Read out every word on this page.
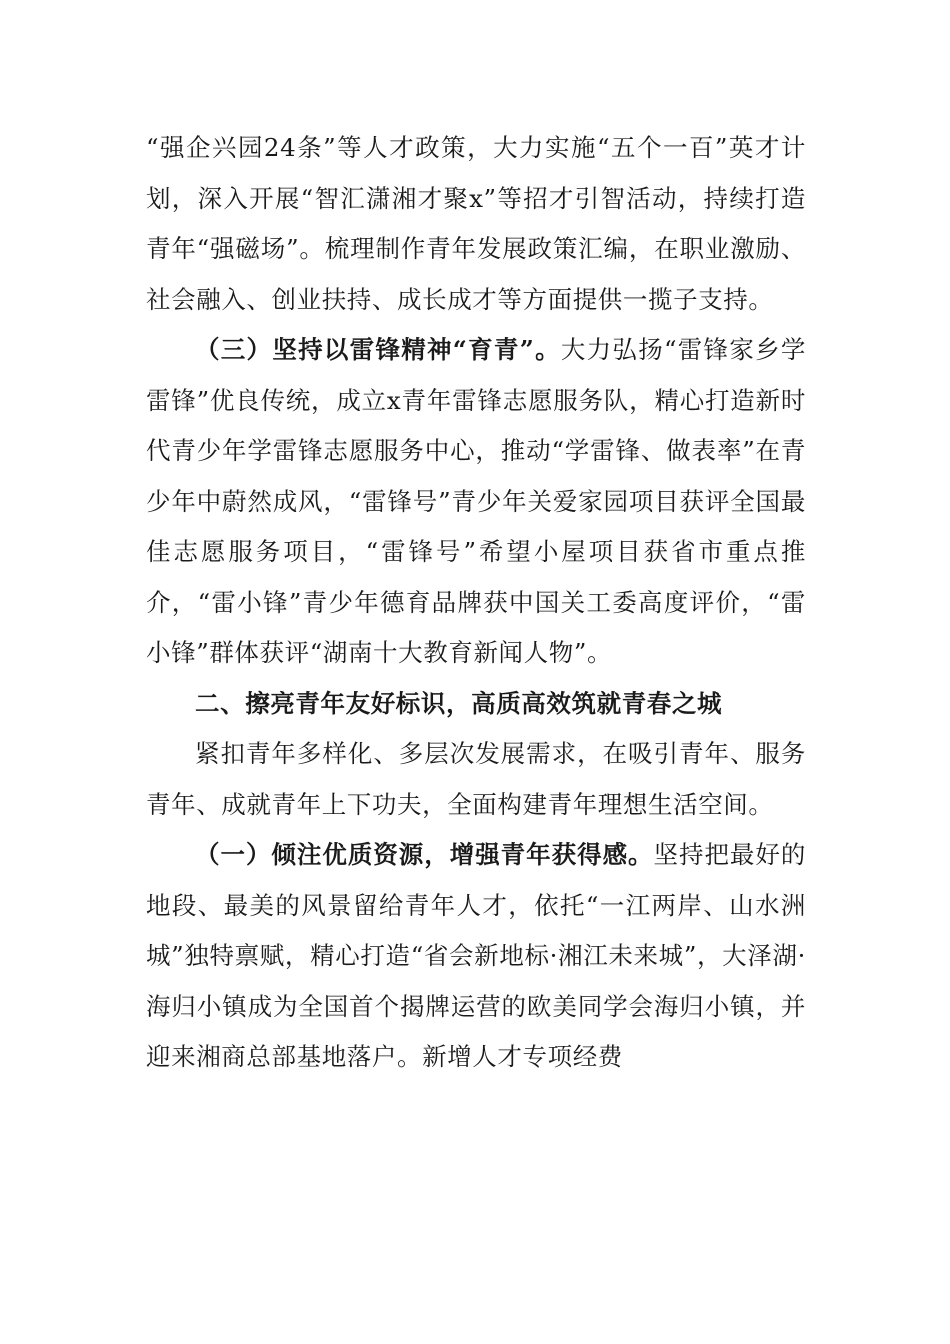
“强企兴园24条”等人才政策，大力实施“五个一百”英才计划，深入开展“智汇潇湘才聚x”等招才引智活动，持续打造青年“强磁场”。梳理制作青年发展政策汇编，在职业激励、社会融入、创业扶持、成长成才等方面提供一揽子支持。

（三）坚持以雷锋精神“育青”。大力弘扬“雷锋家乡学雷锋”优良传统，成立x青年雷锋志愿服务队，精心打造新时代青少年学雷锋志愿服务中心，推动“学雷锋、做表率”在青少年中蔚然成风，“雷锋号”青少年关爱家园项目获评全国最佳志愿服务项目，“雷锋号”希望小屋项目获省市重点推介，“雷小锋”青少年德育品牌获中国关工委高度评价，“雷小锋”群体获评“湖南十大教育新闻人物”。

二、擦亮青年友好标识，高质高效筑就青春之城

紧扣青年多样化、多层次发展需求，在吸引青年、服务青年、成就青年上下功夫，全面构建青年理想生活空间。

（一）倾注优质资源，增强青年获得感。坚持把最好的地段、最美的风景留给青年人才，依托“一江两岸、山水洲城”独特禀赋，精心打造“省会新地标·湘江未来城”，大泽湖·海归小镇成为全国首个揭牌运营的欧美同学会海归小镇，并迎来湘商总部基地落户。新增人才专项经费
